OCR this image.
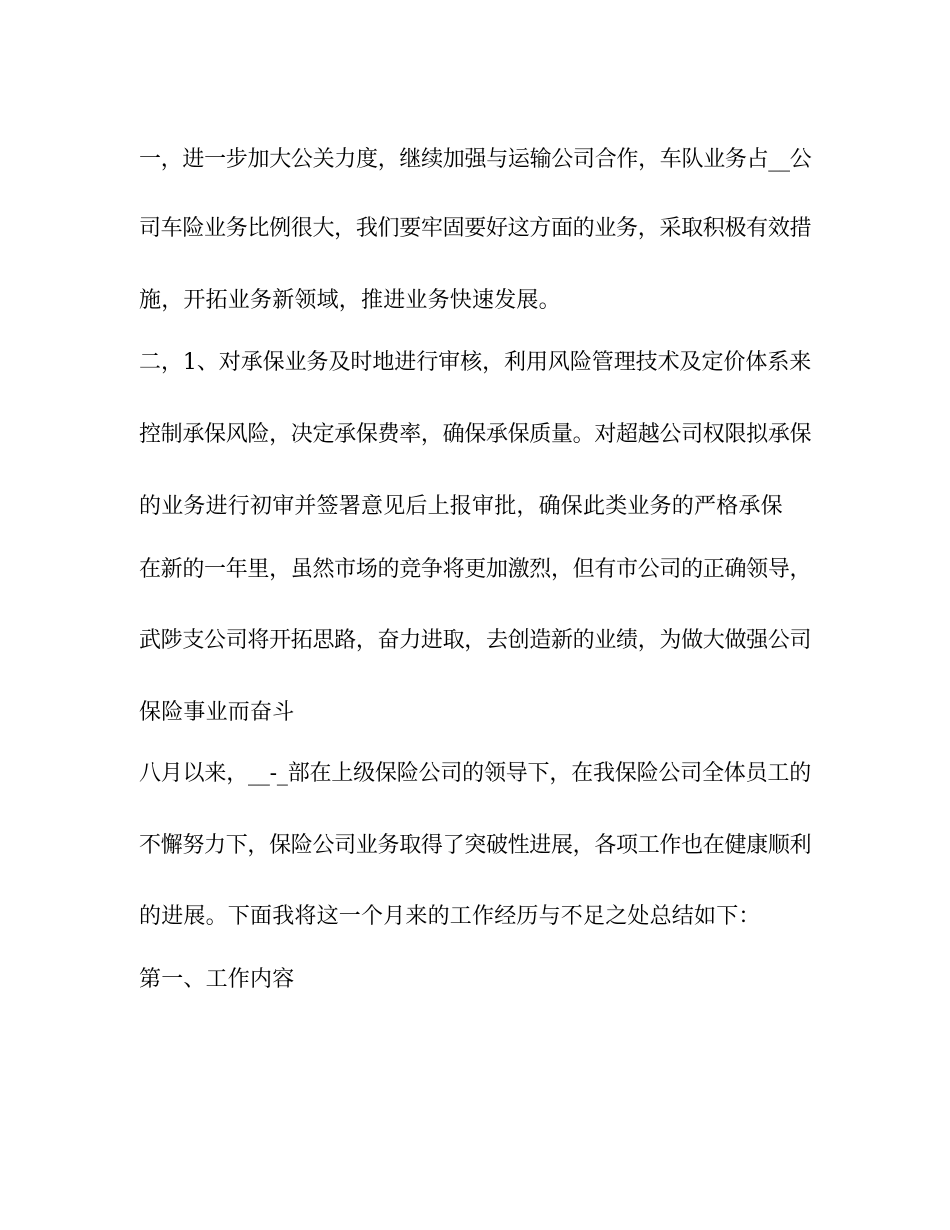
一，进一步加大公关力度，继续加强与运输公司合作，车队业务占__公
司车险业务比例很大，我们要牢固要好这方面的业务，采取积极有效措
施，开拓业务新领域，推进业务快速发展。
二，1、对承保业务及时地进行审核，利用风险管理技术及定价体系来
控制承保风险，决定承保费率，确保承保质量。对超越公司权限拟承保
的业务进行初审并签署意见后上报审批，确保此类业务的严格承保
在新的一年里，虽然市场的竞争将更加激烈，但有市公司的正确领导，
武陟支公司将开拓思路，奋力进取，去创造新的业绩，为做大做强公司
保险事业而奋斗
八月以来，__-_部在上级保险公司的领导下，在我保险公司全体员工的
不懈努力下，保险公司业务取得了突破性进展，各项工作也在健康顺利
的进展。下面我将这一个月来的工作经历与不足之处总结如下：
第一、工作内容
